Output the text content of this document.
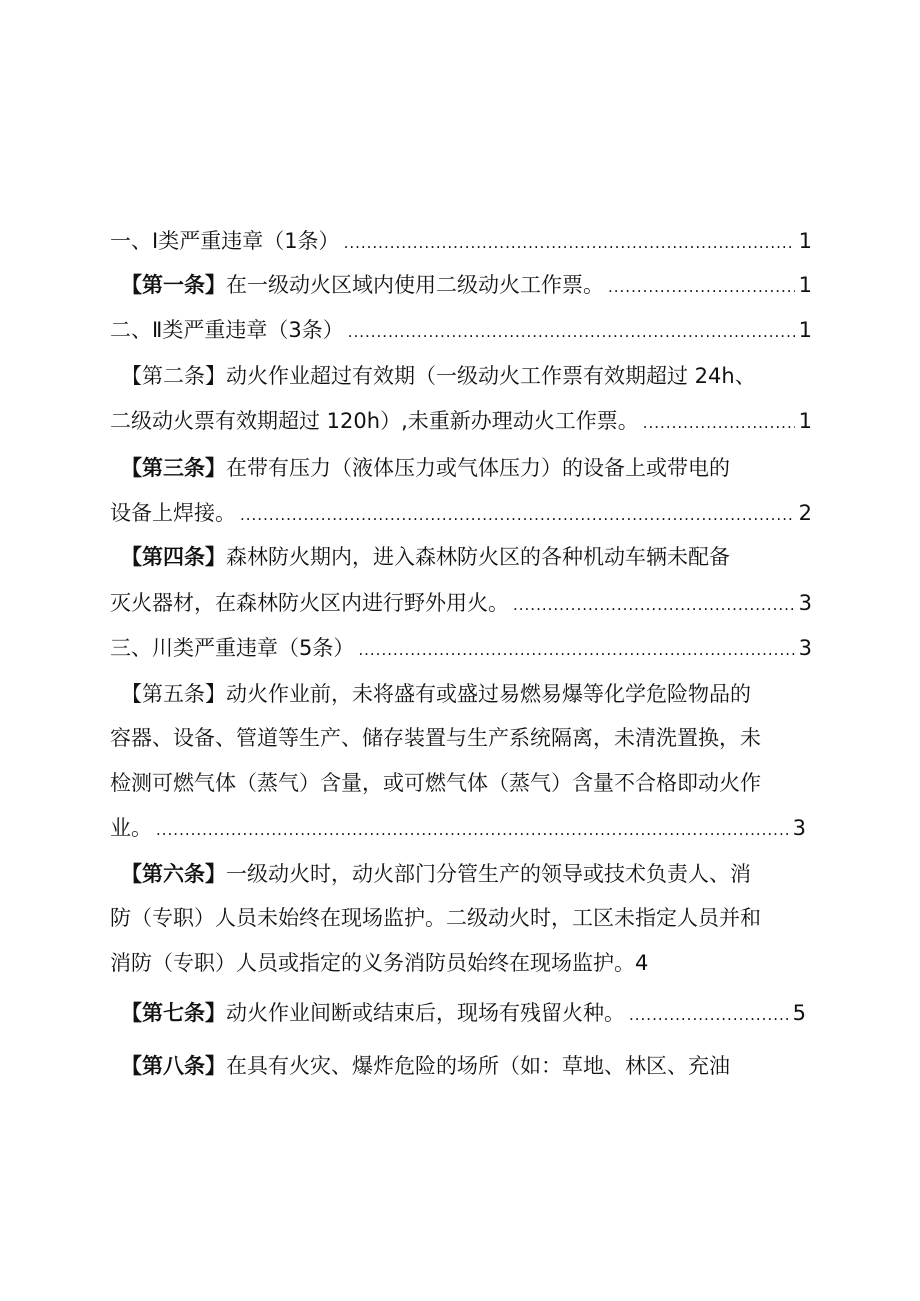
一、Ⅰ类严重违章（1条） .....	1
【第一条】 在一级动火区域内使用二级动火工作票。 .....	1
二、Ⅱ类严重违章（3条） .....	1
【第二条】 动火作业超过有效期（一级动火工作票有效期超过 24h、
二级动火票有效期超过 120h）,未重新办理动火工作票。 .....	1
【第三条】 在带有压力（液体压力或气体压力）的设备上或带电的
设备上焊接。 .....	2
【第四条】 森林防火期内，进入森林防火区的各种机动车辆未配备
灭火器材，在森林防火区内进行野外用火。 .....	3
三、川类严重违章（5条） .....	3
【第五条】 动火作业前，未将盛有或盛过易燃易爆等化学危险物品的
容器、设备、管道等生产、储存装置与生产系统隔离，未清洗置换，未
检测可燃气体（蒸气）含量，或可燃气体（蒸气）含量不合格即动火作
业。 .....	3
【第六条】 一级动火时，动火部门分管生产的领导或技术负责人、消
防（专职）人员未始终在现场监护。二级动火时，工区未指定人员并和
消防（专职）人员或指定的义务消防员始终在现场监护。 4
【第七条】 动火作业间断或结束后，现场有残留火种。 .....	5
【第八条】 在具有火灾、爆炸危险的场所（如：草地、林区、充油
